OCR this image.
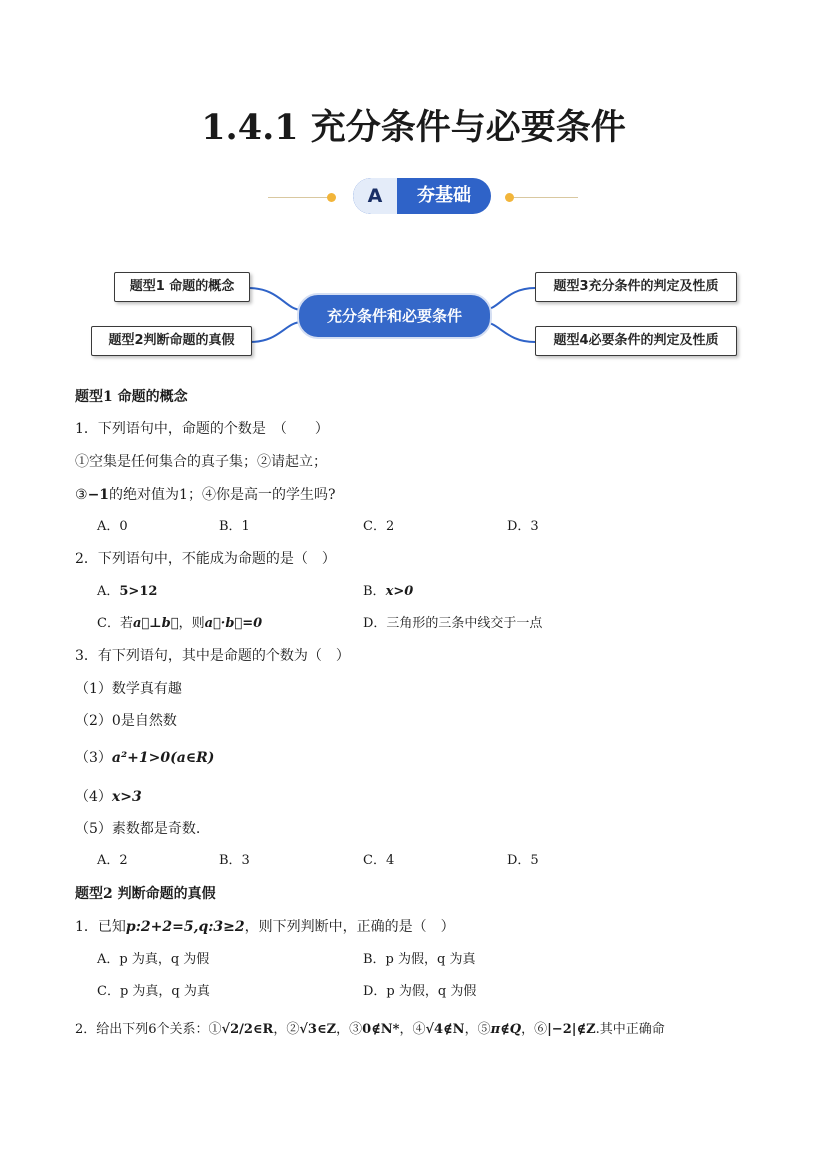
1.4.1 充分条件与必要条件
A	夯基础
题型1 命题的概念
题型2判断命题的真假
题型3充分条件的判定及性质
题型4必要条件的判定及性质
充分条件和必要条件
题型1 命题的概念
1．下列语句中，命题的个数是　（　　）
①空集是任何集合的真子集；②请起立；
③−1的绝对值为1；④你是高一的学生吗?
A．0	B．1	C．2	D．3
2．下列语句中，不能成为命题的是（　）
A．5>12	B．x>0
C．若a⃗⊥b⃗，则a⃗·b⃗=0	D．三角形的三条中线交于一点
3．有下列语句，其中是命题的个数为（　）
（1）数学真有趣
（2）0是自然数
（3）a²+1>0(a∈R)
（4）x>3
（5）素数都是奇数.
A．2	B．3	C．4	D．5
题型2 判断命题的真假
1．已知p:2+2=5,q:3≥2，则下列判断中，正确的是（　）
A．p 为真，q 为假	B．p 为假，q 为真
C．p 为真，q 为真	D．p 为假，q 为假
2．给出下列6个关系：①√2/2∈R，②√3∈Z，③0∉N*，④√4∉N，⑤π∉Q，⑥|−2|∉Z.其中正确命
